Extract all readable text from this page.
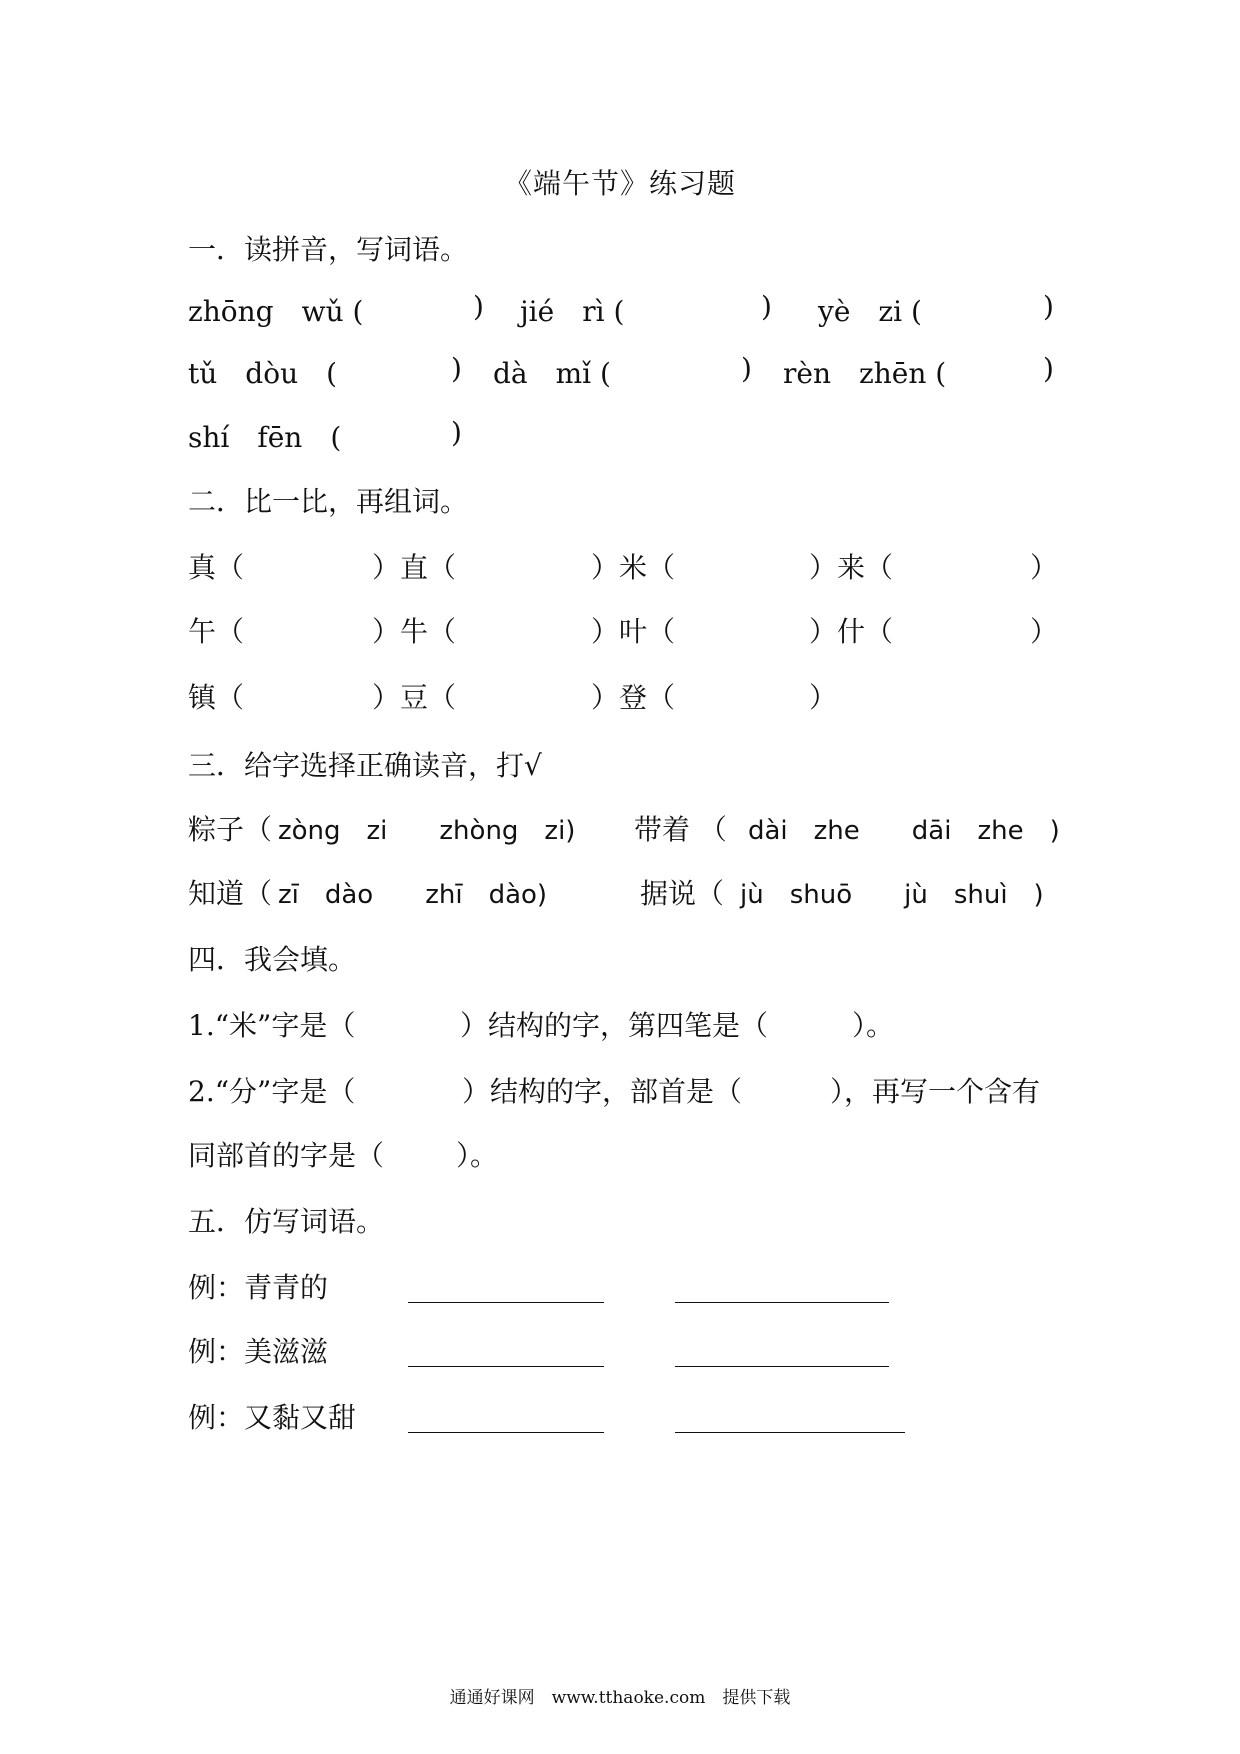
《端午节》练习题
一．读拼音，写词语。
zhōng　wǔ (	) jié　rì (	) yè　zi (	)
tǔ　dòu　(	) dà　mǐ (	) rèn　zhēn (	)
shí　fēn　(	)
二．比一比，再组词。
真（	）直（	）米（	）来（	）
午（	）牛（	）叶（	）什（	）
镇（	）豆（	）登（	）
三．给字选择正确读音，打√
粽子（ zòng　zi　　zhòng　zi) 带着 （ dài　zhe　　dāi　zhe　)
知道（ zī　dào　　zhī　dào)	据说（ jù　shuō　　jù　shuì　)
四．我会填。
1.“米”字是（	）结构的字，第四笔是（	）。
2.“分”字是（	）结构的字，部首是（	），再写一个含有
同部首的字是（	）。
五．仿写词语。
例：青青的
例：美滋滋
例：又黏又甜
通通好课网　www.tthaoke.com　提供下载
